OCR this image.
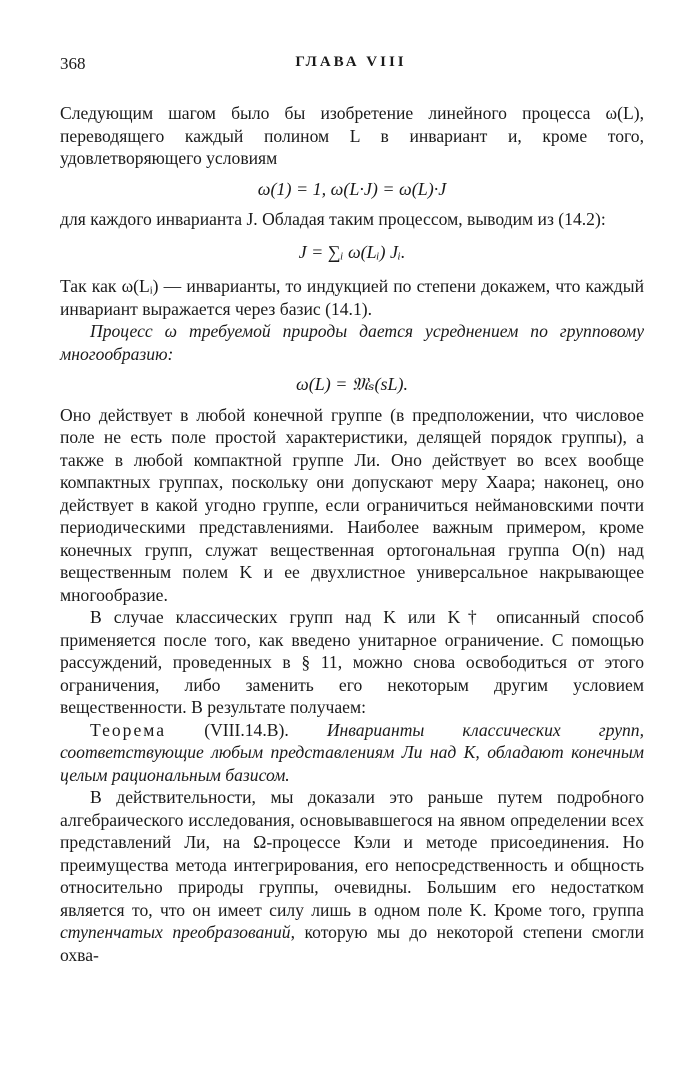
368	ГЛАВА VIII

Следующим шагом было бы изобретение линейного процесса ω(L), переводящего каждый полином L в инвариант и, кроме того, удовлетворяющего условиям

ω(1) = 1, ω(L·J) = ω(L)·J

для каждого инварианта J. Обладая таким процессом, выводим из (14.2):

J = ∑ᵢ ω(Lᵢ) Jᵢ.

Так как ω(Lᵢ) — инварианты, то индукцией по степени докажем, что каждый инвариант выражается через базис (14.1).

Процесс ω требуемой природы дается усреднением по групповому многообразию:

ω(L) = 𝔐ₛ(sL).

Оно действует в любой конечной группе (в предположении, что числовое поле не есть поле простой характеристики, делящей порядок группы), а также в любой компактной группе Ли. Оно действует во всех вообще компактных группах, поскольку они допускают меру Хаара; наконец, оно действует в какой угодно группе, если ограничиться неймановскими почти периодическими представлениями. Наиболее важным примером, кроме конечных групп, служат вещественная ортогональная группа O(n) над вещественным полем K и ее двухлистное универсальное накрывающее многообразие.

В случае классических групп над K или K† описанный способ применяется после того, как введено унитарное ограничение. С помощью рассуждений, проведенных в § 11, можно снова освободиться от этого ограничения, либо заменить его некоторым другим условием вещественности. В результате получаем:

Теорема (VIII.14.B). Инварианты классических групп, соответствующие любым представлениям Ли над K, обладают конечным целым рациональным базисом.

В действительности, мы доказали это раньше путем подробного алгебраического исследования, основывавшегося на явном определении всех представлений Ли, на Ω-процессе Кэли и методе присоединения. Но преимущества метода интегрирования, его непосредственность и общность относительно природы группы, очевидны. Большим его недостатком является то, что он имеет силу лишь в одном поле K. Кроме того, группа ступенчатых преобразований, которую мы до некоторой степени смогли охва-
